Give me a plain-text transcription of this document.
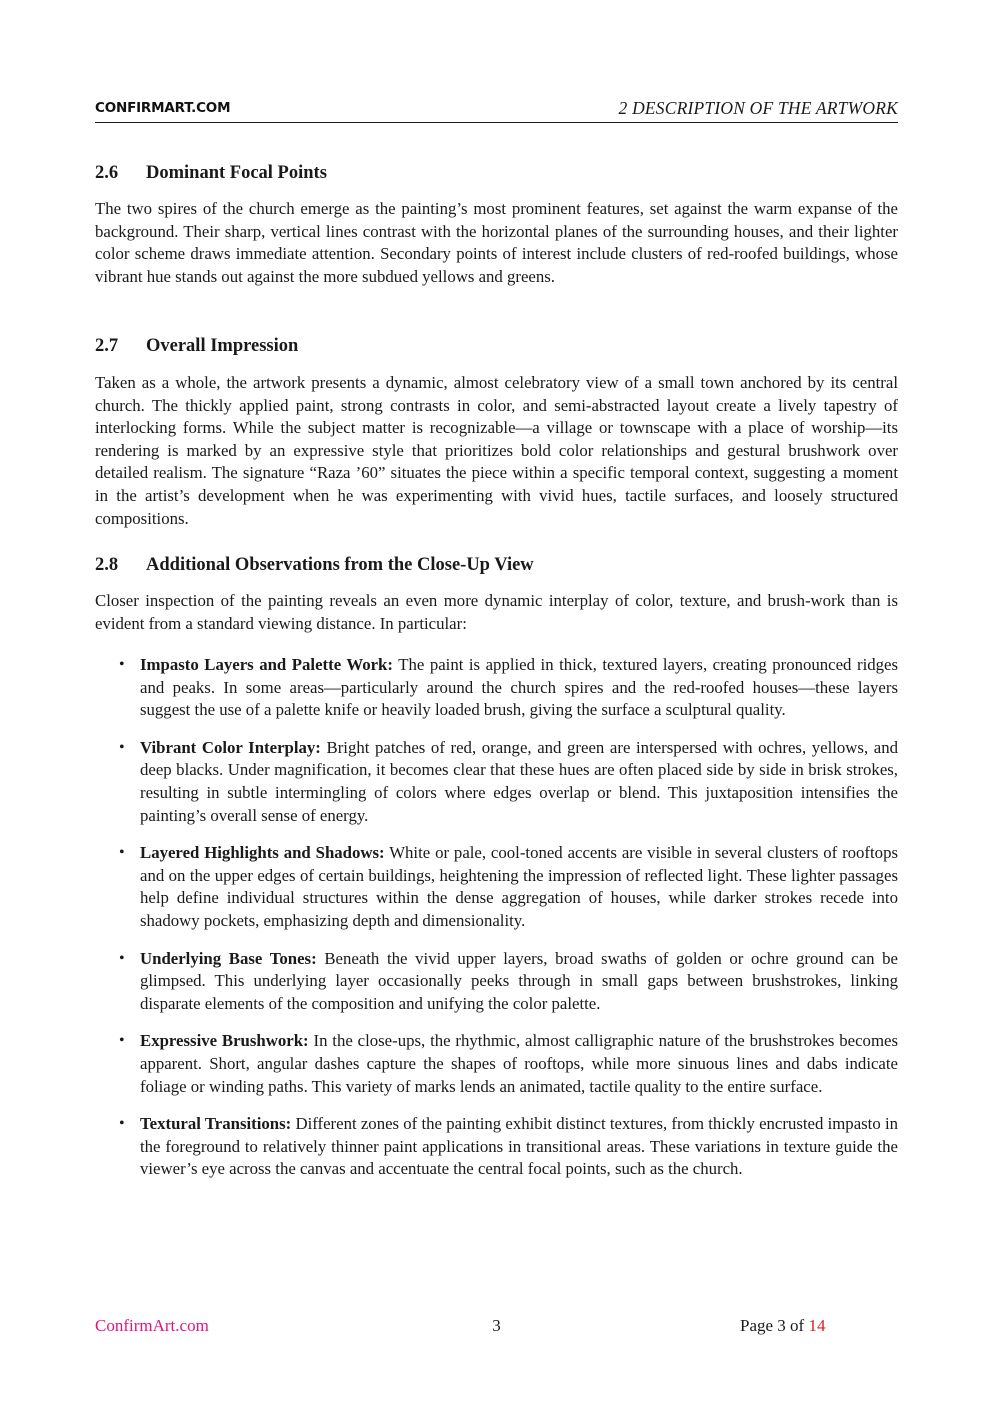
CONFIRMART.COM	2 DESCRIPTION OF THE ARTWORK
2.6 Dominant Focal Points
The two spires of the church emerge as the painting’s most prominent features, set against the warm expanse of the background. Their sharp, vertical lines contrast with the horizontal planes of the surrounding houses, and their lighter color scheme draws immediate attention. Secondary points of interest include clusters of red-roofed buildings, whose vibrant hue stands out against the more subdued yellows and greens.
2.7 Overall Impression
Taken as a whole, the artwork presents a dynamic, almost celebratory view of a small town anchored by its central church. The thickly applied paint, strong contrasts in color, and semi-abstracted layout create a lively tapestry of interlocking forms. While the subject matter is recognizable—a village or townscape with a place of worship—its rendering is marked by an expressive style that prioritizes bold color relationships and gestural brushwork over detailed realism. The signature “Raza ’60” situates the piece within a specific temporal context, suggesting a moment in the artist’s development when he was experimenting with vivid hues, tactile surfaces, and loosely structured compositions.
2.8 Additional Observations from the Close-Up View
Closer inspection of the painting reveals an even more dynamic interplay of color, texture, and brush-work than is evident from a standard viewing distance. In particular:
• Impasto Layers and Palette Work: The paint is applied in thick, textured layers, creating pronounced ridges and peaks. In some areas—particularly around the church spires and the red-roofed houses—these layers suggest the use of a palette knife or heavily loaded brush, giving the surface a sculptural quality.
• Vibrant Color Interplay: Bright patches of red, orange, and green are interspersed with ochres, yellows, and deep blacks. Under magnification, it becomes clear that these hues are often placed side by side in brisk strokes, resulting in subtle intermingling of colors where edges overlap or blend. This juxtaposition intensifies the painting’s overall sense of energy.
• Layered Highlights and Shadows: White or pale, cool-toned accents are visible in several clusters of rooftops and on the upper edges of certain buildings, heightening the impression of reflected light. These lighter passages help define individual structures within the dense aggregation of houses, while darker strokes recede into shadowy pockets, emphasizing depth and dimensionality.
• Underlying Base Tones: Beneath the vivid upper layers, broad swaths of golden or ochre ground can be glimpsed. This underlying layer occasionally peeks through in small gaps between brushstrokes, linking disparate elements of the composition and unifying the color palette.
• Expressive Brushwork: In the close-ups, the rhythmic, almost calligraphic nature of the brushstrokes becomes apparent. Short, angular dashes capture the shapes of rooftops, while more sinuous lines and dabs indicate foliage or winding paths. This variety of marks lends an animated, tactile quality to the entire surface.
• Textural Transitions: Different zones of the painting exhibit distinct textures, from thickly encrusted impasto in the foreground to relatively thinner paint applications in transitional areas. These variations in texture guide the viewer’s eye across the canvas and accentuate the central focal points, such as the church.
ConfirmArt.com	3	Page 3 of 14
